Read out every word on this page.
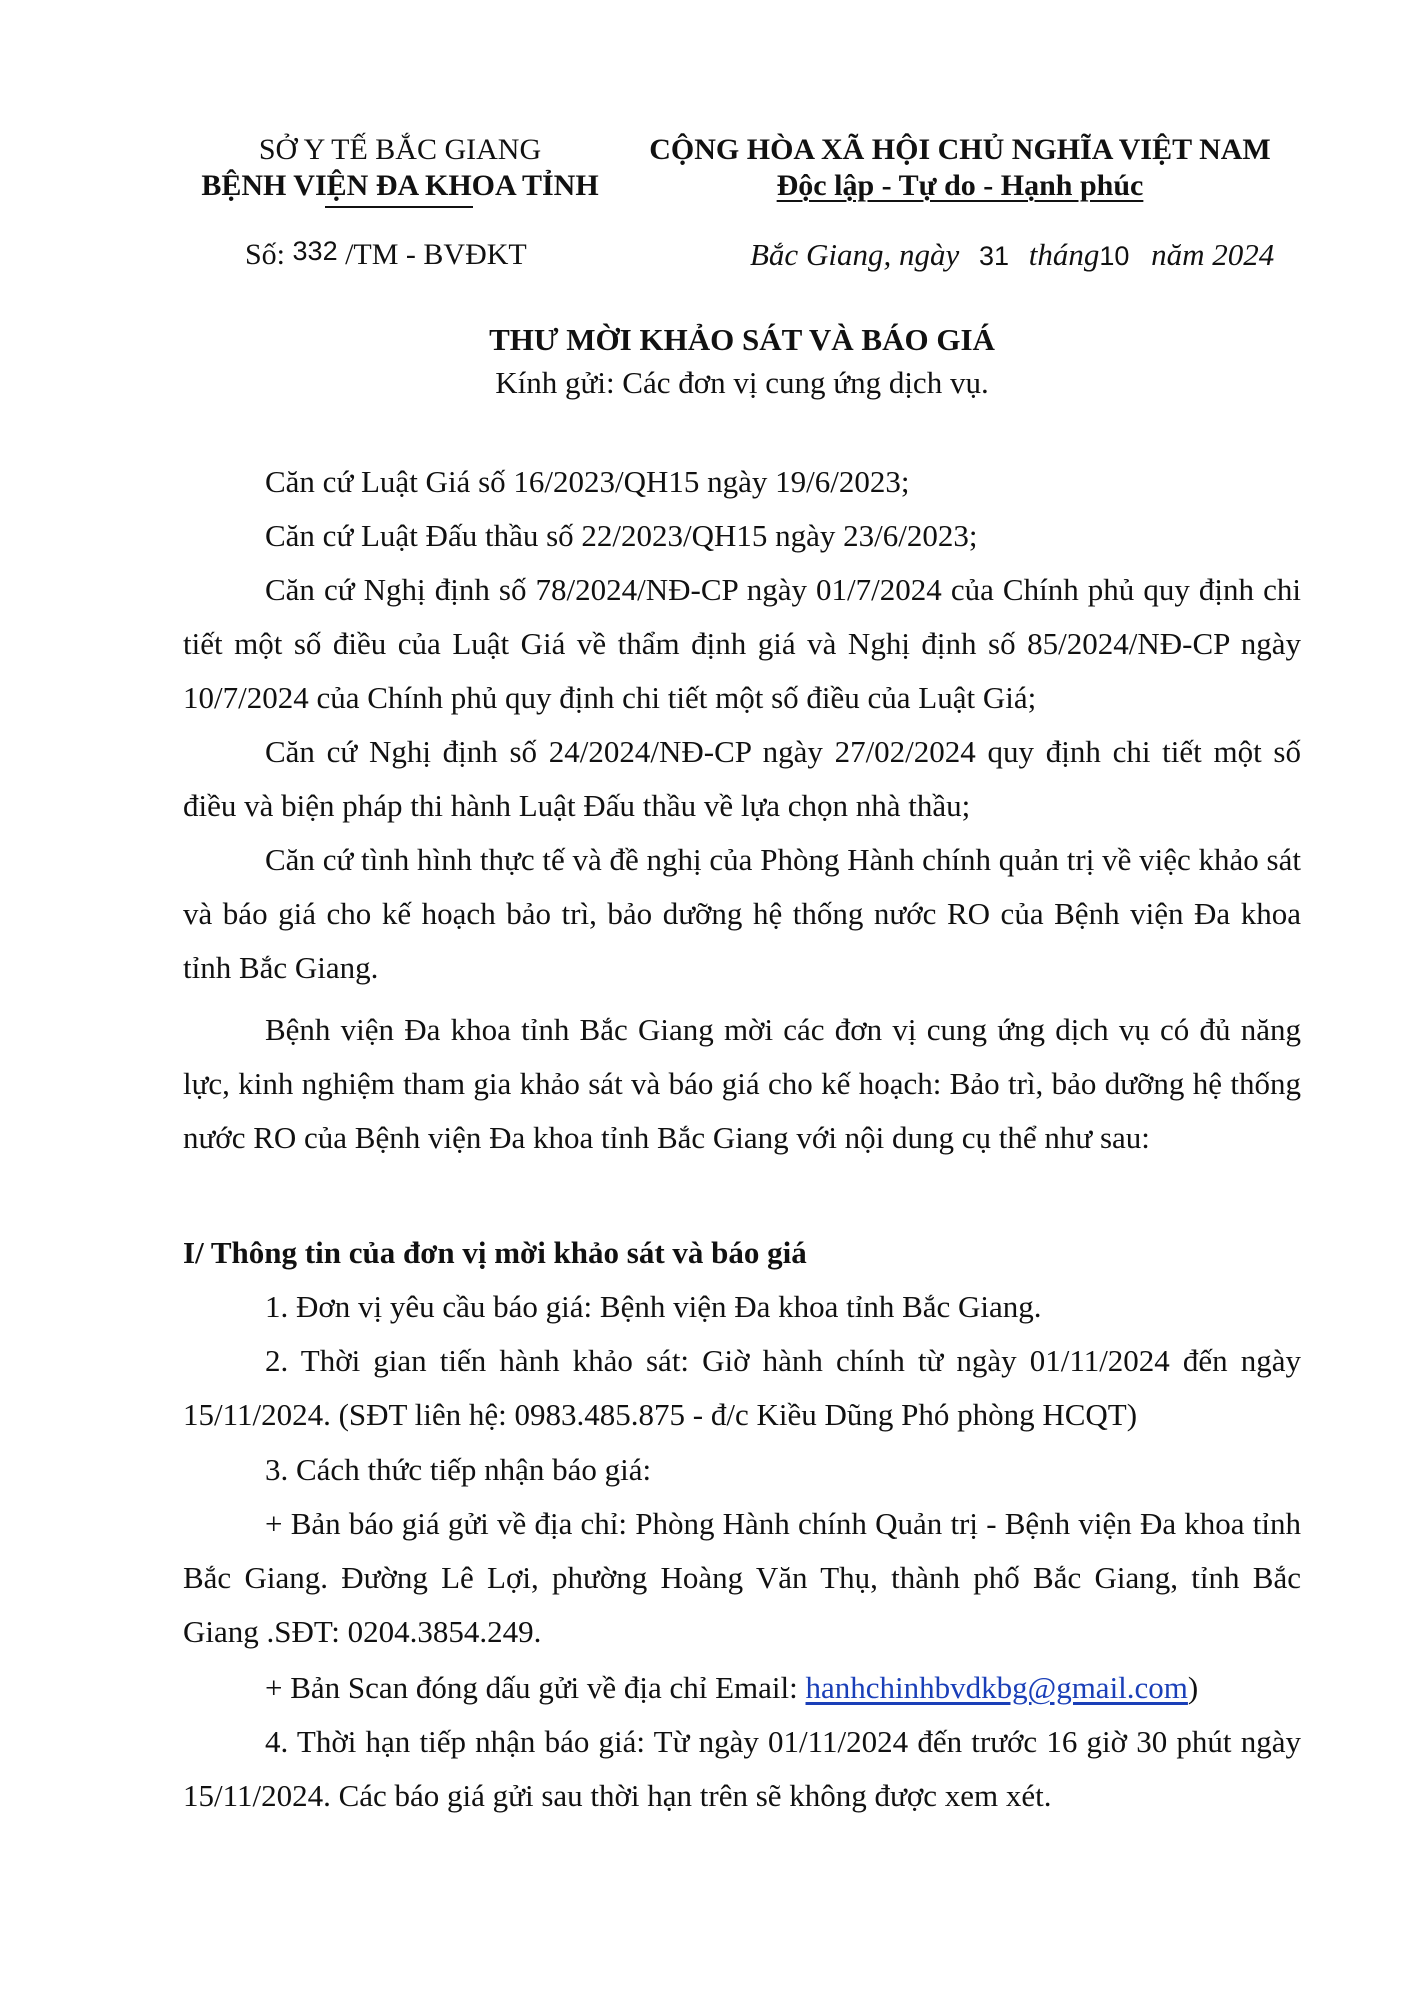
SỞ Y TẾ BẮC GIANG
BỆNH VIỆN ĐA KHOA TỈNH
CỘNG HÒA XÃ HỘI CHỦ NGHĨA VIỆT NAM
Độc lập - Tự do - Hạnh phúc
Số: 332 /TM - BVĐKT	Bắc Giang, ngày 31 tháng10 năm 2024
THƯ MỜI KHẢO SÁT VÀ BÁO GIÁ
Kính gửi: Các đơn vị cung ứng dịch vụ.
Căn cứ Luật Giá số 16/2023/QH15 ngày 19/6/2023;
Căn cứ Luật Đấu thầu số 22/2023/QH15 ngày 23/6/2023;
Căn cứ Nghị định số 78/2024/NĐ-CP ngày 01/7/2024 của Chính phủ quy định chi tiết một số điều của Luật Giá về thẩm định giá và Nghị định số 85/2024/NĐ-CP ngày 10/7/2024 của Chính phủ quy định chi tiết một số điều của Luật Giá;
Căn cứ Nghị định số 24/2024/NĐ-CP ngày 27/02/2024 quy định chi tiết một số điều và biện pháp thi hành Luật Đấu thầu về lựa chọn nhà thầu;
Căn cứ tình hình thực tế và đề nghị của Phòng Hành chính quản trị về việc khảo sát và báo giá cho kế hoạch bảo trì, bảo dưỡng hệ thống nước RO của Bệnh viện Đa khoa tỉnh Bắc Giang.
Bệnh viện Đa khoa tỉnh Bắc Giang mời các đơn vị cung ứng dịch vụ có đủ năng lực, kinh nghiệm tham gia khảo sát và báo giá cho kế hoạch: Bảo trì, bảo dưỡng hệ thống nước RO của Bệnh viện Đa khoa tỉnh Bắc Giang với nội dung cụ thể như sau:
I/ Thông tin của đơn vị mời khảo sát và báo giá
1. Đơn vị yêu cầu báo giá: Bệnh viện Đa khoa tỉnh Bắc Giang.
2. Thời gian tiến hành khảo sát: Giờ hành chính từ ngày 01/11/2024 đến ngày 15/11/2024. (SĐT liên hệ: 0983.485.875 - đ/c Kiều Dũng Phó phòng HCQT)
3. Cách thức tiếp nhận báo giá:
+ Bản báo giá gửi về địa chỉ: Phòng Hành chính Quản trị - Bệnh viện Đa khoa tỉnh Bắc Giang. Đường Lê Lợi, phường Hoàng Văn Thụ, thành phố Bắc Giang, tỉnh Bắc Giang .SĐT: 0204.3854.249.
+ Bản Scan đóng dấu gửi về địa chỉ Email: hanhchinhbvdkbg@gmail.com)
4. Thời hạn tiếp nhận báo giá: Từ ngày 01/11/2024 đến trước 16 giờ 30 phút ngày 15/11/2024. Các báo giá gửi sau thời hạn trên sẽ không được xem xét.
